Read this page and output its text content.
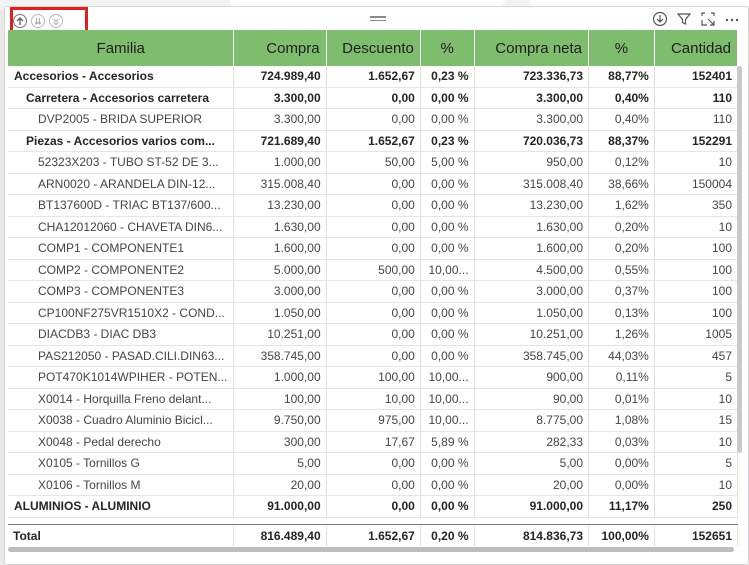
Familia	Compra	Descuento	%	Compra neta	%	Cantidad
Accesorios - Accesorios	724.989,40	1.652,67	0,23 %	723.336,73	88,77%	152401
Carretera - Accesorios carretera	3.300,00	0,00	0,00 %	3.300,00	0,40%	110
DVP2005 - BRIDA SUPERIOR	3.300,00	0,00	0,00 %	3.300,00	0,40%	110
Piezas - Accesorios varios com...	721.689,40	1.652,67	0,23 %	720.036,73	88,37%	152291
52323X203 - TUBO ST-52 DE 3...	1.000,00	50,00	5,00 %	950,00	0,12%	10
ARN0020 - ARANDELA DIN-12...	315.008,40	0,00	0,00 %	315.008,40	38,66%	150004
BT137600D - TRIAC BT137/600...	13.230,00	0,00	0,00 %	13.230,00	1,62%	350
CHA12012060 - CHAVETA DIN6...	1.630,00	0,00	0,00 %	1.630,00	0,20%	10
COMP1 - COMPONENTE1	1.600,00	0,00	0,00 %	1.600,00	0,20%	100
COMP2 - COMPONENTE2	5.000,00	500,00	10,00...	4.500,00	0,55%	100
COMP3 - COMPONENTE3	3.000,00	0,00	0,00 %	3.000,00	0,37%	100
CP100NF275VR1510X2 - COND...	1.050,00	0,00	0,00 %	1.050,00	0,13%	100
DIACDB3 - DIAC DB3	10.251,00	0,00	0,00 %	10.251,00	1,26%	1005
PAS212050 - PASAD.CILI.DIN63...	358.745,00	0,00	0,00 %	358.745,00	44,03%	457
POT470K1014WPIHER - POTEN...	1.000,00	100,00	10,00...	900,00	0,11%	5
X0014 - Horquilla Freno delant...	100,00	10,00	10,00...	90,00	0,01%	10
X0038 - Cuadro Aluminio Bicicl...	9.750,00	975,00	10,00...	8.775,00	1,08%	15
X0048 - Pedal derecho	300,00	17,67	5,89 %	282,33	0,03%	10
X0105 - Tornillos G	5,00	0,00	0,00 %	5,00	0,00%	5
X0106 - Tornillos M	20,00	0,00	0,00 %	20,00	0,00%	10
ALUMINIOS - ALUMINIO	91.000,00	0,00	0,00 %	91.000,00	11,17%	250
Total	816.489,40	1.652,67	0,20 %	814.836,73	100,00%	152651
